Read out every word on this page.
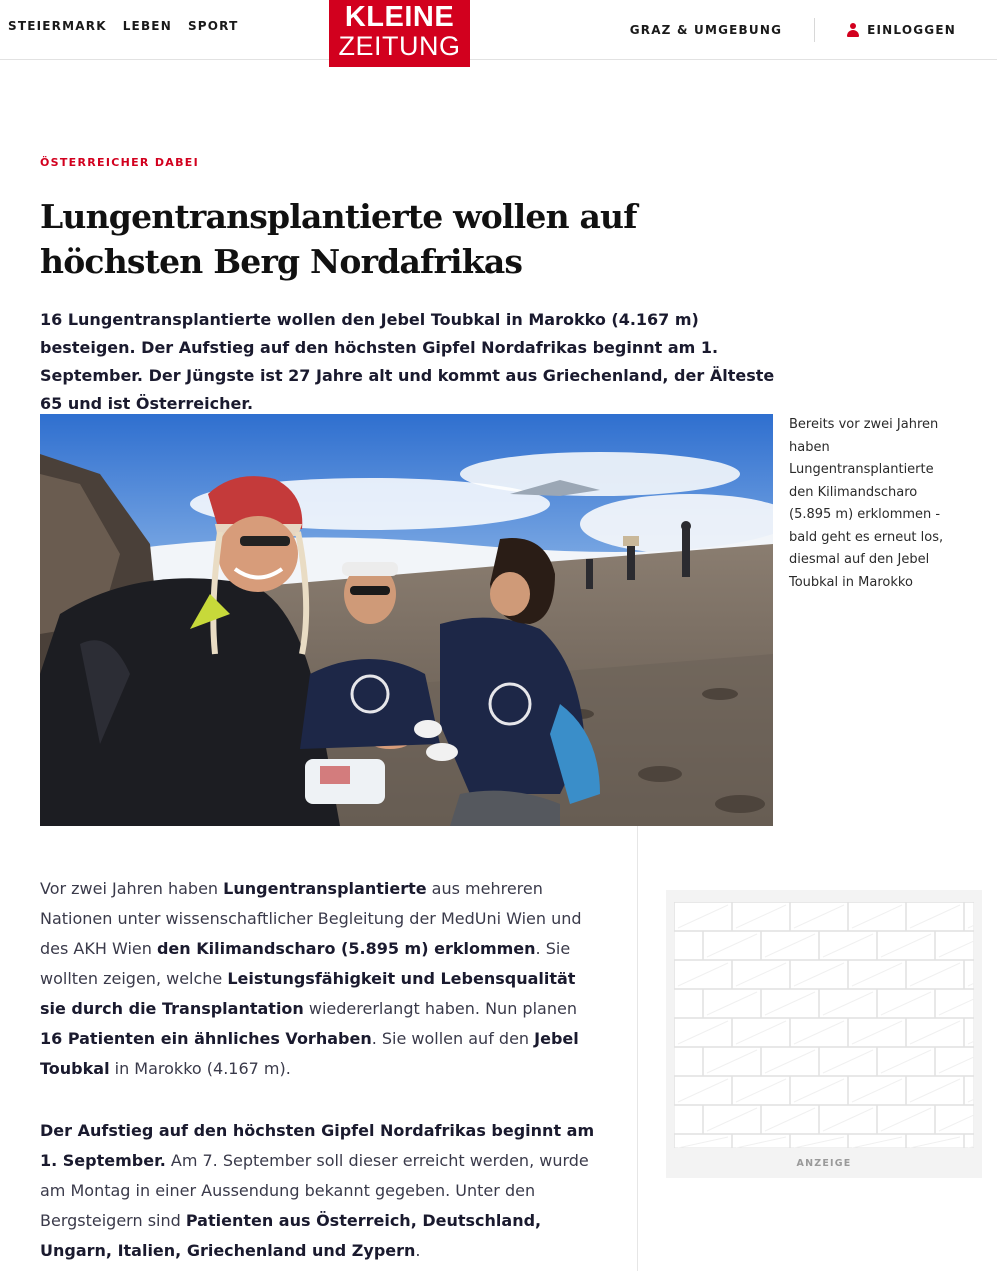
STEIERMARK LEBEN SPORT	GRAZ & UMGEBUNG	EINLOGGEN
KLEINE
ZEITUNG
ÖSTERREICHER DABEI
Lungentransplantierte wollen auf
höchsten Berg Nordafrikas

16 Lungentransplantierte wollen den Jebel Toubkal in Marokko (4.167 m) besteigen. Der Aufstieg auf den höchsten Gipfel Nordafrikas beginnt am 1. September. Der Jüngste ist 27 Jahre alt und kommt aus Griechenland, der Älteste 65 und ist Österreicher.

Bereits vor zwei Jahren haben Lungentransplantierte den Kilimandscharo (5.895 m) erklommen - bald geht es erneut los, diesmal auf den Jebel Toubkal in Marokko

Vor zwei Jahren haben Lungentransplantierte aus mehreren Nationen unter wissenschaftlicher Begleitung der MedUni Wien und des AKH Wien den Kilimandscharo (5.895 m) erklommen. Sie wollten zeigen, welche Leistungsfähigkeit und Lebensqualität sie durch die Transplantation wiedererlangt haben. Nun planen 16 Patienten ein ähnliches Vorhaben. Sie wollen auf den Jebel Toubkal in Marokko (4.167 m).

Der Aufstieg auf den höchsten Gipfel Nordafrikas beginnt am 1. September. Am 7. September soll dieser erreicht werden, wurde am Montag in einer Aussendung bekannt gegeben. Unter den Bergsteigern sind Patienten aus Österreich, Deutschland, Ungarn, Italien, Griechenland und Zypern.

ANZEIGE
